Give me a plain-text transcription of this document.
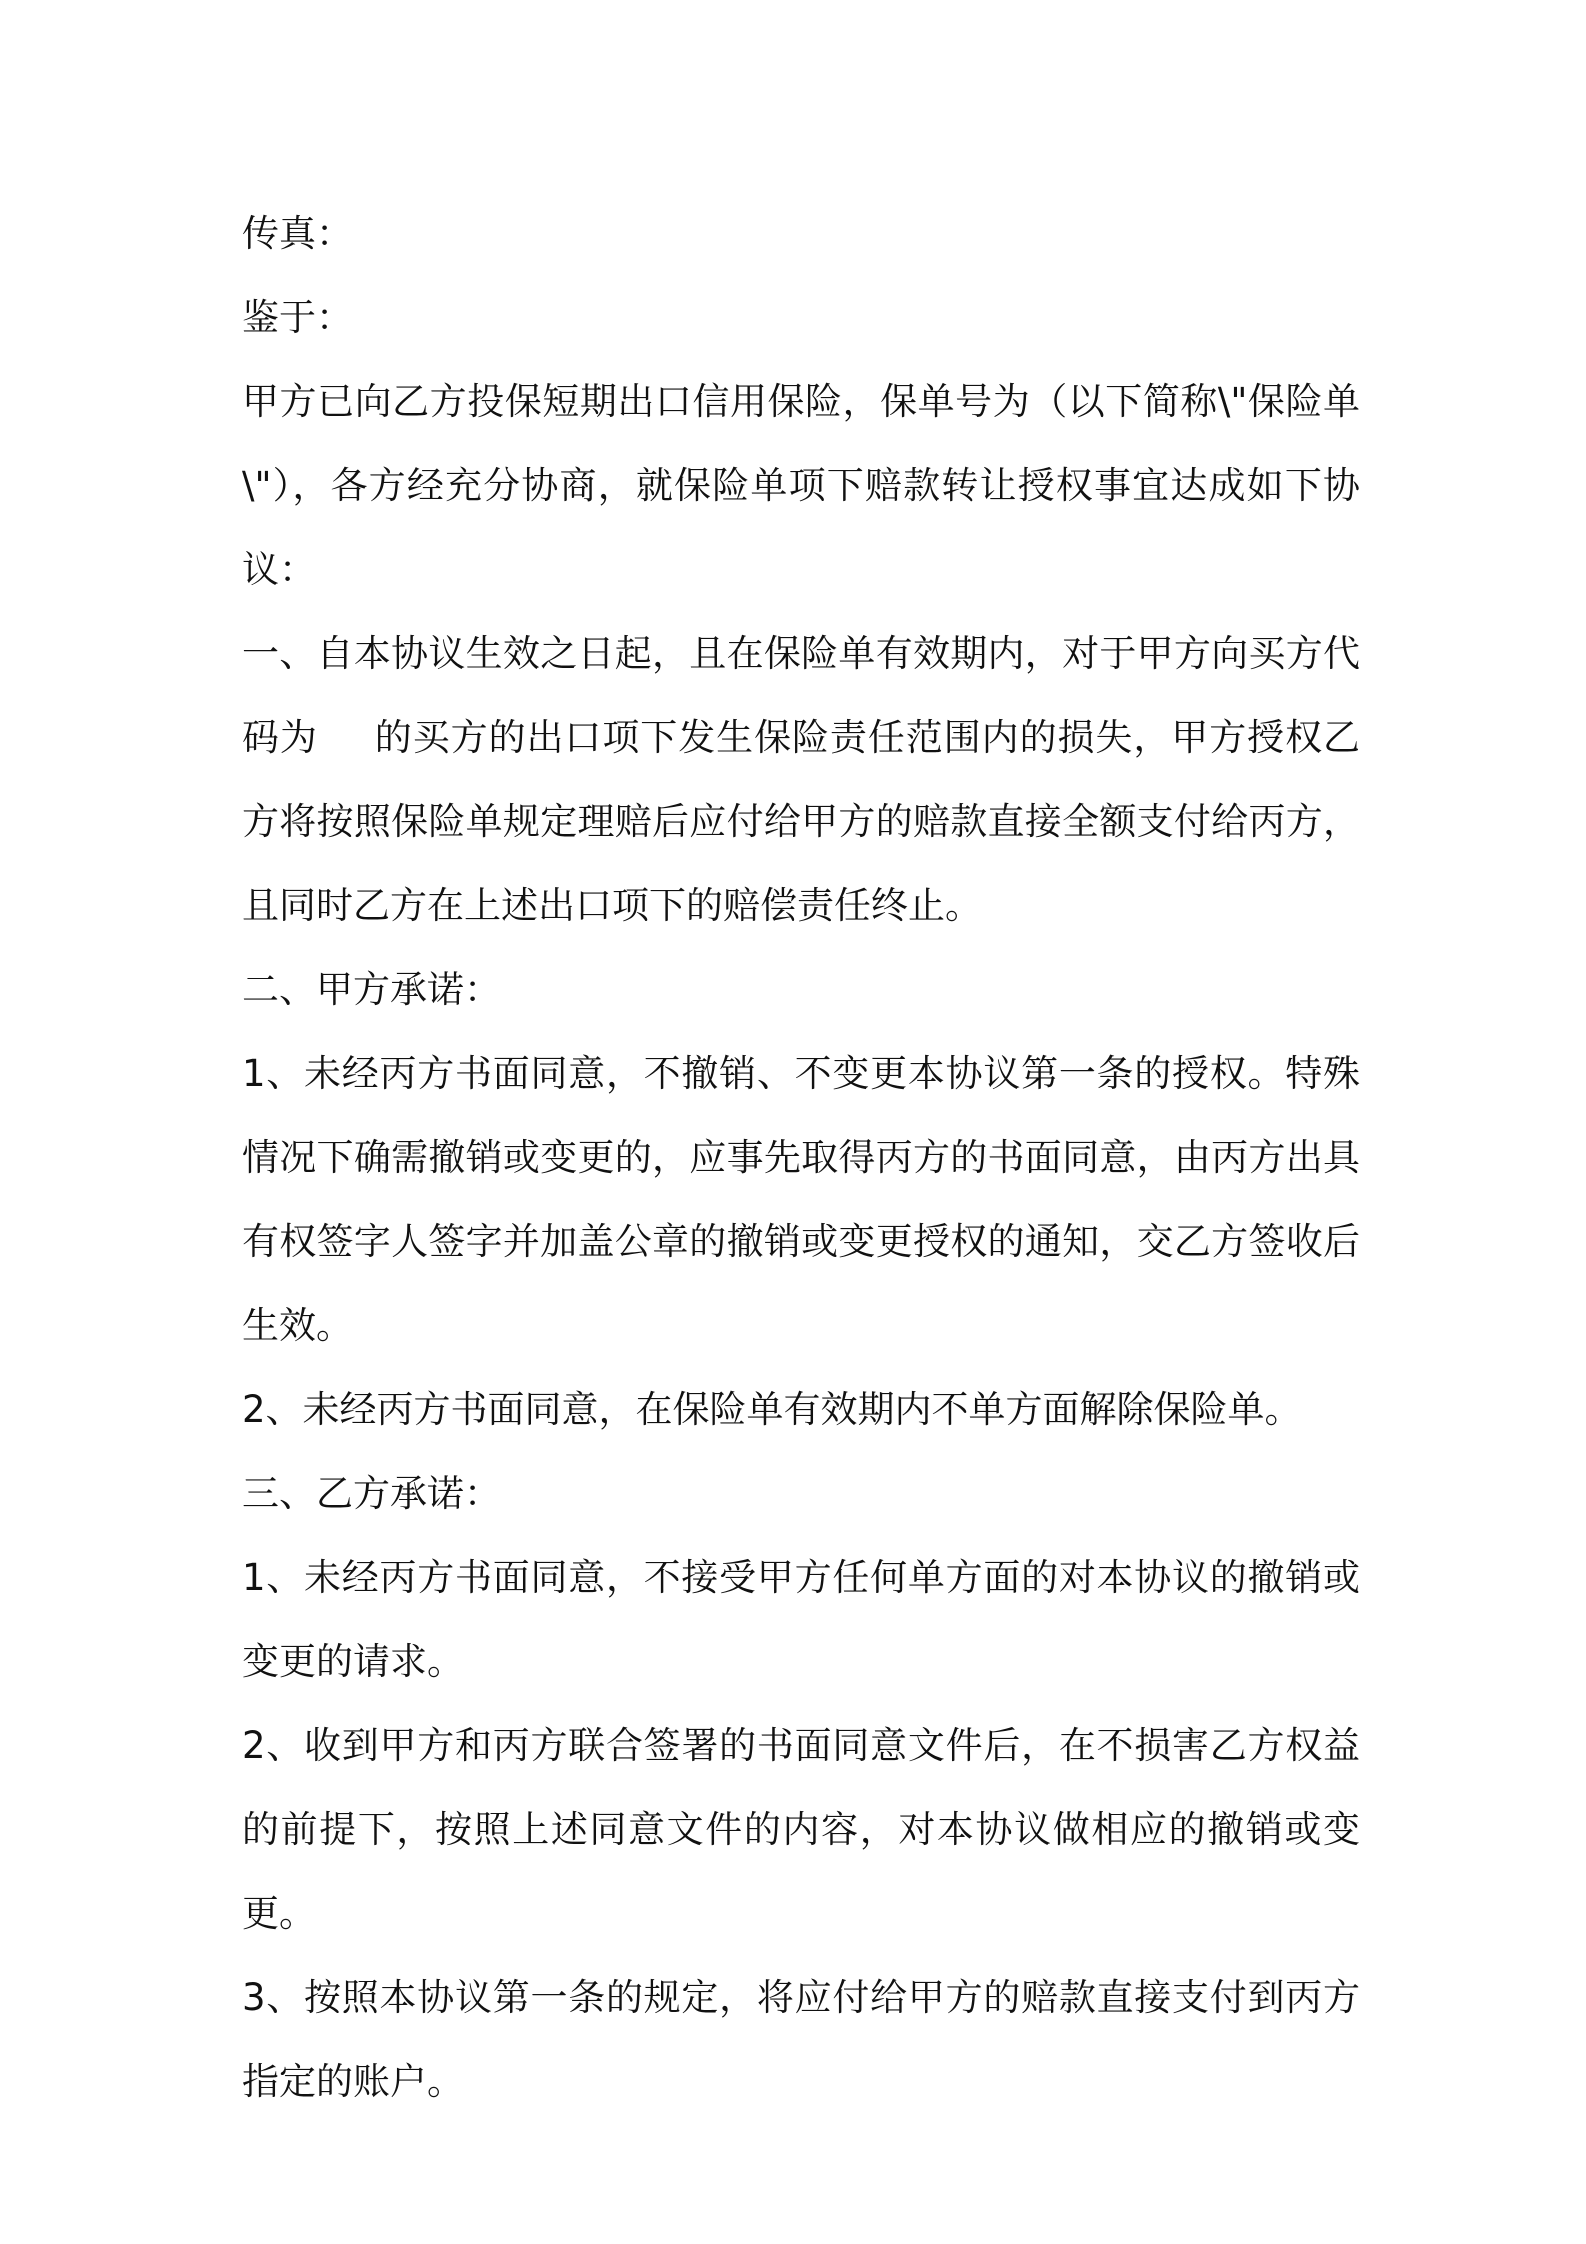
传真：

鉴于：

甲方已向乙方投保短期出口信用保险，保单号为（以下简称\"保险单\"），各方经充分协商，就保险单项下赔款转让授权事宜达成如下协议：

一、自本协议生效之日起，且在保险单有效期内，对于甲方向买方代码为 的买方的出口项下发生保险责任范围内的损失，甲方授权乙方将按照保险单规定理赔后应付给甲方的赔款直接全额支付给丙方，且同时乙方在上述出口项下的赔偿责任终止。

二、甲方承诺：

1、未经丙方书面同意，不撤销、不变更本协议第一条的授权。特殊情况下确需撤销或变更的，应事先取得丙方的书面同意，由丙方出具有权签字人签字并加盖公章的撤销或变更授权的通知，交乙方签收后生效。

2、未经丙方书面同意，在保险单有效期内不单方面解除保险单。

三、乙方承诺：

1、未经丙方书面同意，不接受甲方任何单方面的对本协议的撤销或变更的请求。

2、收到甲方和丙方联合签署的书面同意文件后，在不损害乙方权益的前提下，按照上述同意文件的内容，对本协议做相应的撤销或变更。

3、按照本协议第一条的规定，将应付给甲方的赔款直接支付到丙方指定的账户。
